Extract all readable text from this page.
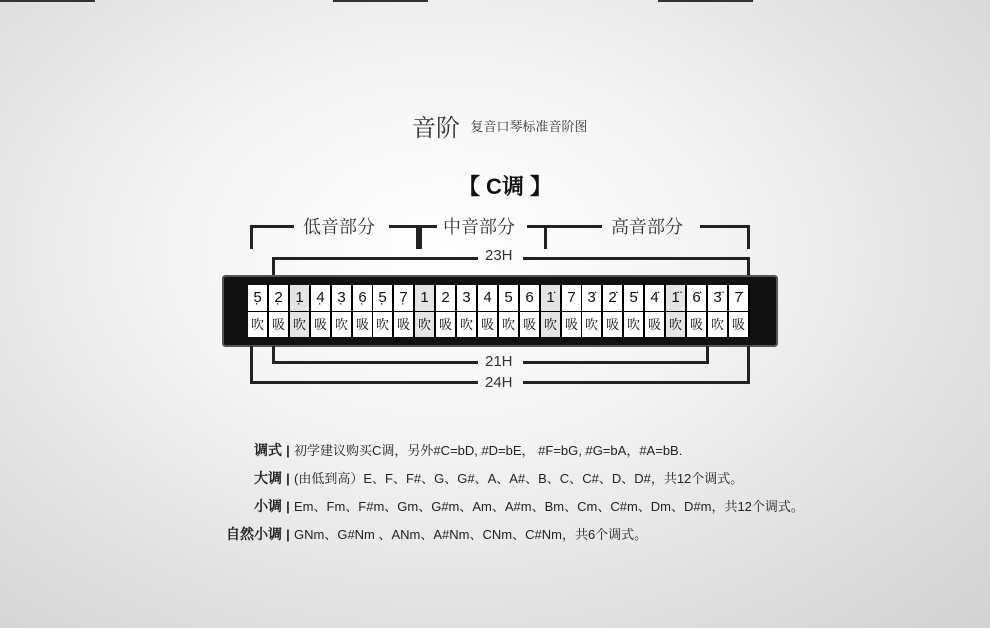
音阶 复音口琴标准音阶图
【 C调 】
低音部分	中音部分	高音部分
23H
5̣
吹
2̣
吸
1̣
吹
4̣
吸
3̣
吹
6̣
吸
5̣
吹
7̣
吸
1
吹
2
吸
3
吹
4
吸
5
吹
6
吸
1̇
吹
7
吸
3̇
吹
2̇
吸
5̇
吹
4̇
吸
1̈
吹
6̇
吸
3̈
吹
7̇
吸
21H
24H
调式 | 初学建议购买C调，另外#C=bD, #D=bE， #F=bG, #G=bA，#A=bB.
大调 | (由低到高）E、F、F#、G、G#、A、A#、B、C、C#、D、D#，共12个调式。
小调 | Em、Fm、F#m、Gm、G#m、Am、A#m、Bm、Cm、C#m、Dm、D#m，共12个调式。
自然小调 | GNm、G#Nm 、ANm、A#Nm、CNm、C#Nm，共6个调式。
